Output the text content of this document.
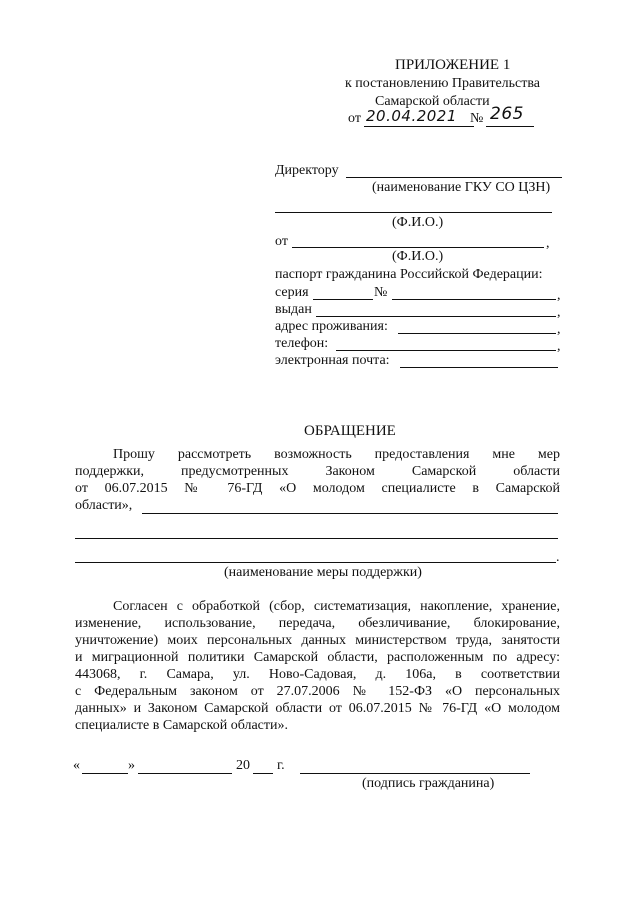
ПРИЛОЖЕНИЕ 1
к постановлению Правительства
Самарской области
от 20.04.2021 № 265
Директору
(наименование ГКУ СО ЦЗН)
(Ф.И.О.)
от	,
(Ф.И.О.)
паспорт гражданина Российской Федерации:
серия	№	,
выдан	,
адрес проживания:	,
телефон:	,
электронная почта:
ОБРАЩЕНИЕ
Прошу рассмотреть возможность предоставления мне мер
поддержки, предусмотренных Законом Самарской области
от 06.07.2015 № 76-ГД «О молодом специалисте в Самарской
области»,
.
(наименование меры поддержки)
Согласен с обработкой (сбор, систематизация, накопление, хранение,
изменение, использование, передача, обезличивание, блокирование,
уничтожение) моих персональных данных министерством труда, занятости
и миграционной политики Самарской области, расположенным по адресу:
443068, г. Самара, ул. Ново-Садовая, д. 106а, в соответствии
с Федеральным законом от 27.07.2006 № 152-ФЗ «О персональных
данных» и Законом Самарской области от 06.07.2015 № 76-ГД «О молодом
специалисте в Самарской области».
«	»	20 г.
(подпись гражданина)
